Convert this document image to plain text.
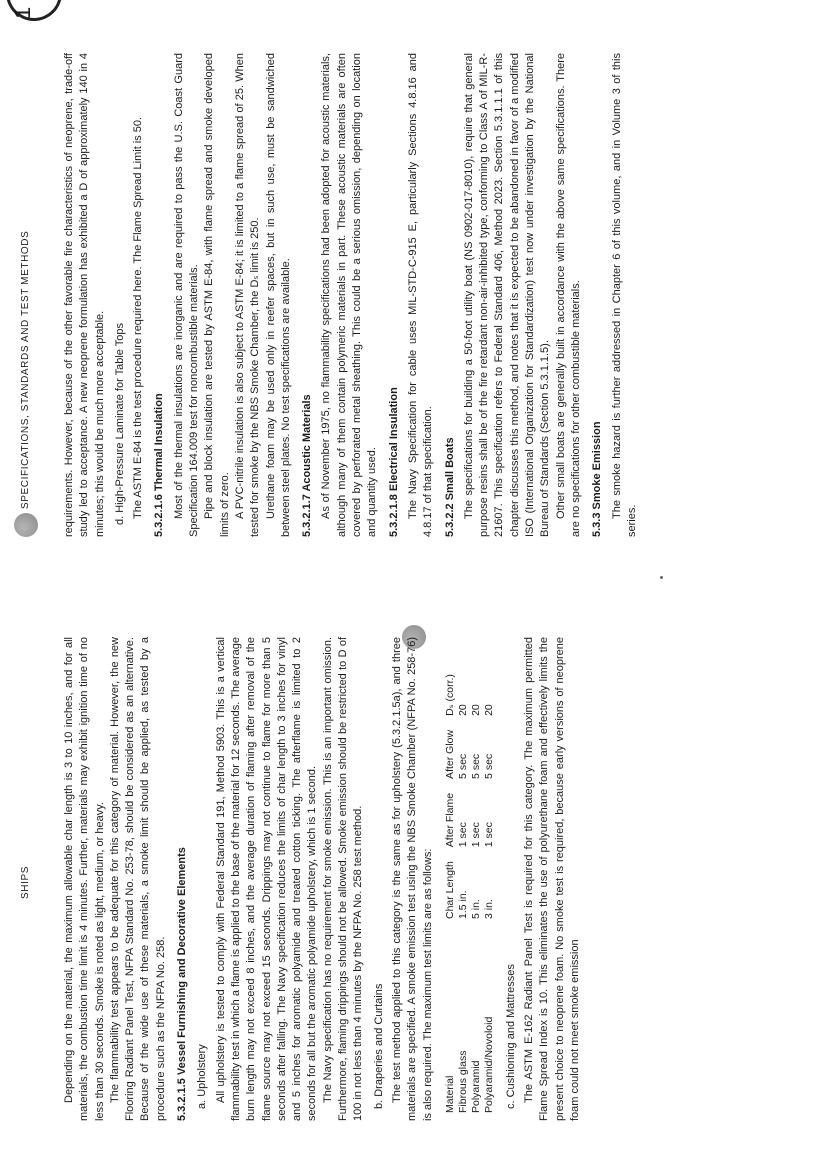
SHIPS
SPECIFICATIONS, STANDARDS AND TEST METHODS
1

Depending on the material, the maximum allowable char length is 3 to 10 inches, and for all materials, the combustion time limit is 4 minutes. Further, materials may exhibit ignition time of no less than 30 seconds. Smoke is noted as light, medium, or heavy. The flammability test appears to be adequate for this category of material. However, the new Flooring Radiant Panel Test, NFPA Standard No. 253-78, should be considered as an alternative. Because of the wide use of these materials, a smoke limit should be applied, as tested by a procedure such as the NFPA No. 258. 5.3.2.1.5 Vessel Furnishing and Decorative Elements a. Upholstery All upholstery is tested to comply with Federal Standard 191, Method 5903. This is a vertical flammability test in which a flame is applied to the base of the material for 12 seconds. The average burn length may not exceed 8 inches, and the average duration of flaming after removal of the flame source may not exceed 15 seconds. Drippings may not continue to flame for more than 5 seconds after falling. The Navy specification reduces the limits of char length to 3 inches for vinyl and 5 inches for aromatic polyamide and treated cotton ticking. The afterflame is limited to 2 seconds for all but the aromatic polyamide upholstery, which is 1 second. The Navy specification has no requirement for smoke emission. This is an important omission. Furthermore, flaming drippings should not be allowed. Smoke emission should be restricted to D of 100 in not less than 4 minutes by the NFPA No. 258 test method. b. Draperies and Curtains The test method applied to this category is the same as for upholstery (5.3.2.1.5a), and three materials are specified. A smoke emission test using the NBS Smoke Chamber (NFPA No. 258-76) is also required. The maximum test limits are as follows: Material	Char Length	After Flame	After Glow	Dₛ (corr.)
Fibrous glass	1.5 in.	1 sec	5 sec	20
Polyaramid	5 in.	1 sec	5 sec	20
Polyaramid/Novoloid	3 in.	1 sec	5 sec	20
c. Cushioning and Mattresses The ASTM E-162 Radiant Panel Test is required for this category. The maximum permitted Flame Spread Index is 10. This eliminates the use of polyurethane foam and effectively limits the present choice to neoprene foam. No smoke test is required, because early versions of neoprene foam could not meet smoke emission

requirements. However, because of the other favorable fire characteristics of neoprene, trade-off study led to acceptance. A new neoprene formulation has exhibited a D of approximately 140 in 4 minutes; this would be much more acceptable. d. High-Pressure Laminate for Table Tops The ASTM E-84 is the test procedure required here. The Flame Spread Limit is 50. 5.3.2.1.6 Thermal Insulation Most of the thermal insulations are inorganic and are required to pass the U.S. Coast Guard Specification 164.009 test for noncombustible materials. Pipe and block insulation are tested by ASTM E-84, with flame spread and smoke developed limits of zero. A PVC-nitrile insulation is also subject to ASTM E-84; it is limited to a flame spread of 25. When tested for smoke by the NBS Smoke Chamber, the Dₛ limit is 250. Urethane foam may be used only in reefer spaces, but in such use, must be sandwiched between steel plates. No test specifications are available. 5.3.2.1.7 Acoustic Materials As of November 1975, no flammability specifications had been adopted for acoustic materials, although many of them contain polymeric materials in part. These acoustic materials are often covered by perforated metal sheathing. This could be a serious omission, depending on location and quantity used. 5.3.2.1.8 Electrical Insulation The Navy Specification for cable uses MIL-STD-C-915 E, particularly Sections 4.8.16 and 4.8.17 of that specification. 5.3.2.2 Small Boats The specifications for building a 50-foot utility boat (NS 0902-017-8010), require that general purpose resins shall be of the fire retardant non-air-inhibited type, conforming to Class A of MIL-R-21607. This specification refers to Federal Standard 406, Method 2023. Section 5.3.1.1.1 of this chapter discusses this method, and notes that it is expected to be abandoned in favor of a modified ISO (International Organization for Standardization) test now under investigation by the National Bureau of Standards (Section 5.3.1.1.5). Other small boats are generally built in accordance with the above same specifications. There are no specifications for other combustible materials. 5.3.3 Smoke Emission The smoke hazard is further addressed in Chapter 6 of this volume, and in Volume 3 of this series.
